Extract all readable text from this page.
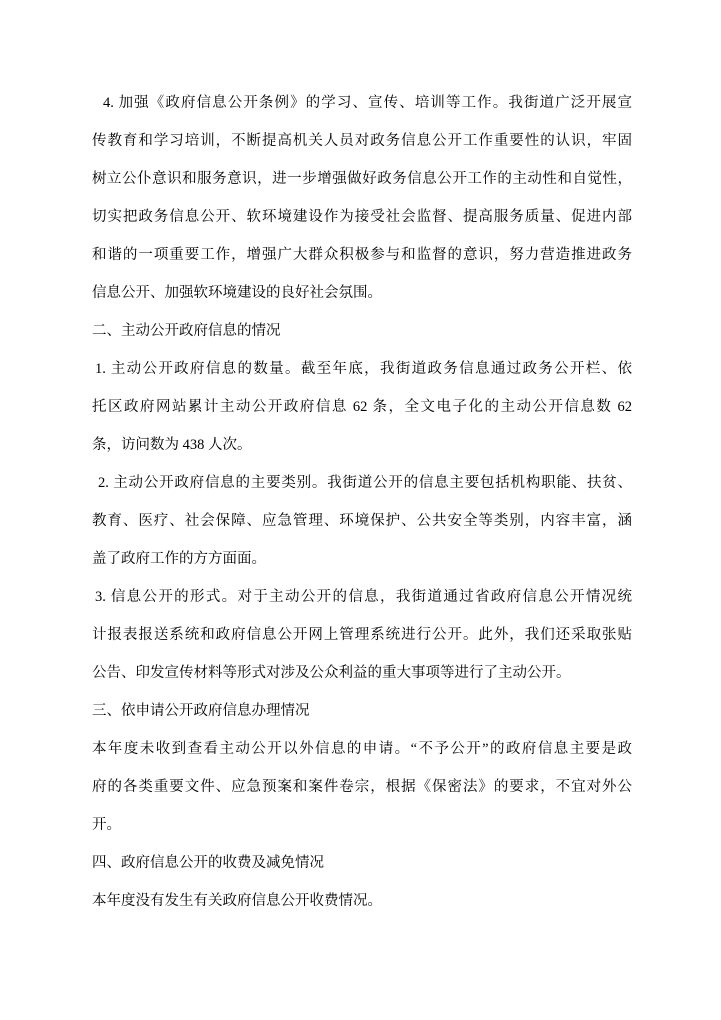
4. 加强《政府信息公开条例》的学习、宣传、培训等工作。我街道广泛开展宣
传教育和学习培训，不断提高机关人员对政务信息公开工作重要性的认识，牢固
树立公仆意识和服务意识，进一步增强做好政务信息公开工作的主动性和自觉性，
切实把政务信息公开、软环境建设作为接受社会监督、提高服务质量、促进内部
和谐的一项重要工作，增强广大群众积极参与和监督的意识，努力营造推进政务
信息公开、加强软环境建设的良好社会氛围。
二、主动公开政府信息的情况
1. 主动公开政府信息的数量。截至年底，我街道政务信息通过政务公开栏、依
托区政府网站累计主动公开政府信息 62 条，全文电子化的主动公开信息数 62
条，访问数为 438 人次。
2. 主动公开政府信息的主要类别。我街道公开的信息主要包括机构职能、扶贫、
教育、医疗、社会保障、应急管理、环境保护、公共安全等类别，内容丰富，涵
盖了政府工作的方方面面。
3. 信息公开的形式。对于主动公开的信息，我街道通过省政府信息公开情况统
计报表报送系统和政府信息公开网上管理系统进行公开。此外，我们还采取张贴
公告、印发宣传材料等形式对涉及公众利益的重大事项等进行了主动公开。
三、依申请公开政府信息办理情况
本年度未收到查看主动公开以外信息的申请。“不予公开”的政府信息主要是政
府的各类重要文件、应急预案和案件卷宗，根据《保密法》的要求，不宜对外公
开。
四、政府信息公开的收费及减免情况
本年度没有发生有关政府信息公开收费情况。
